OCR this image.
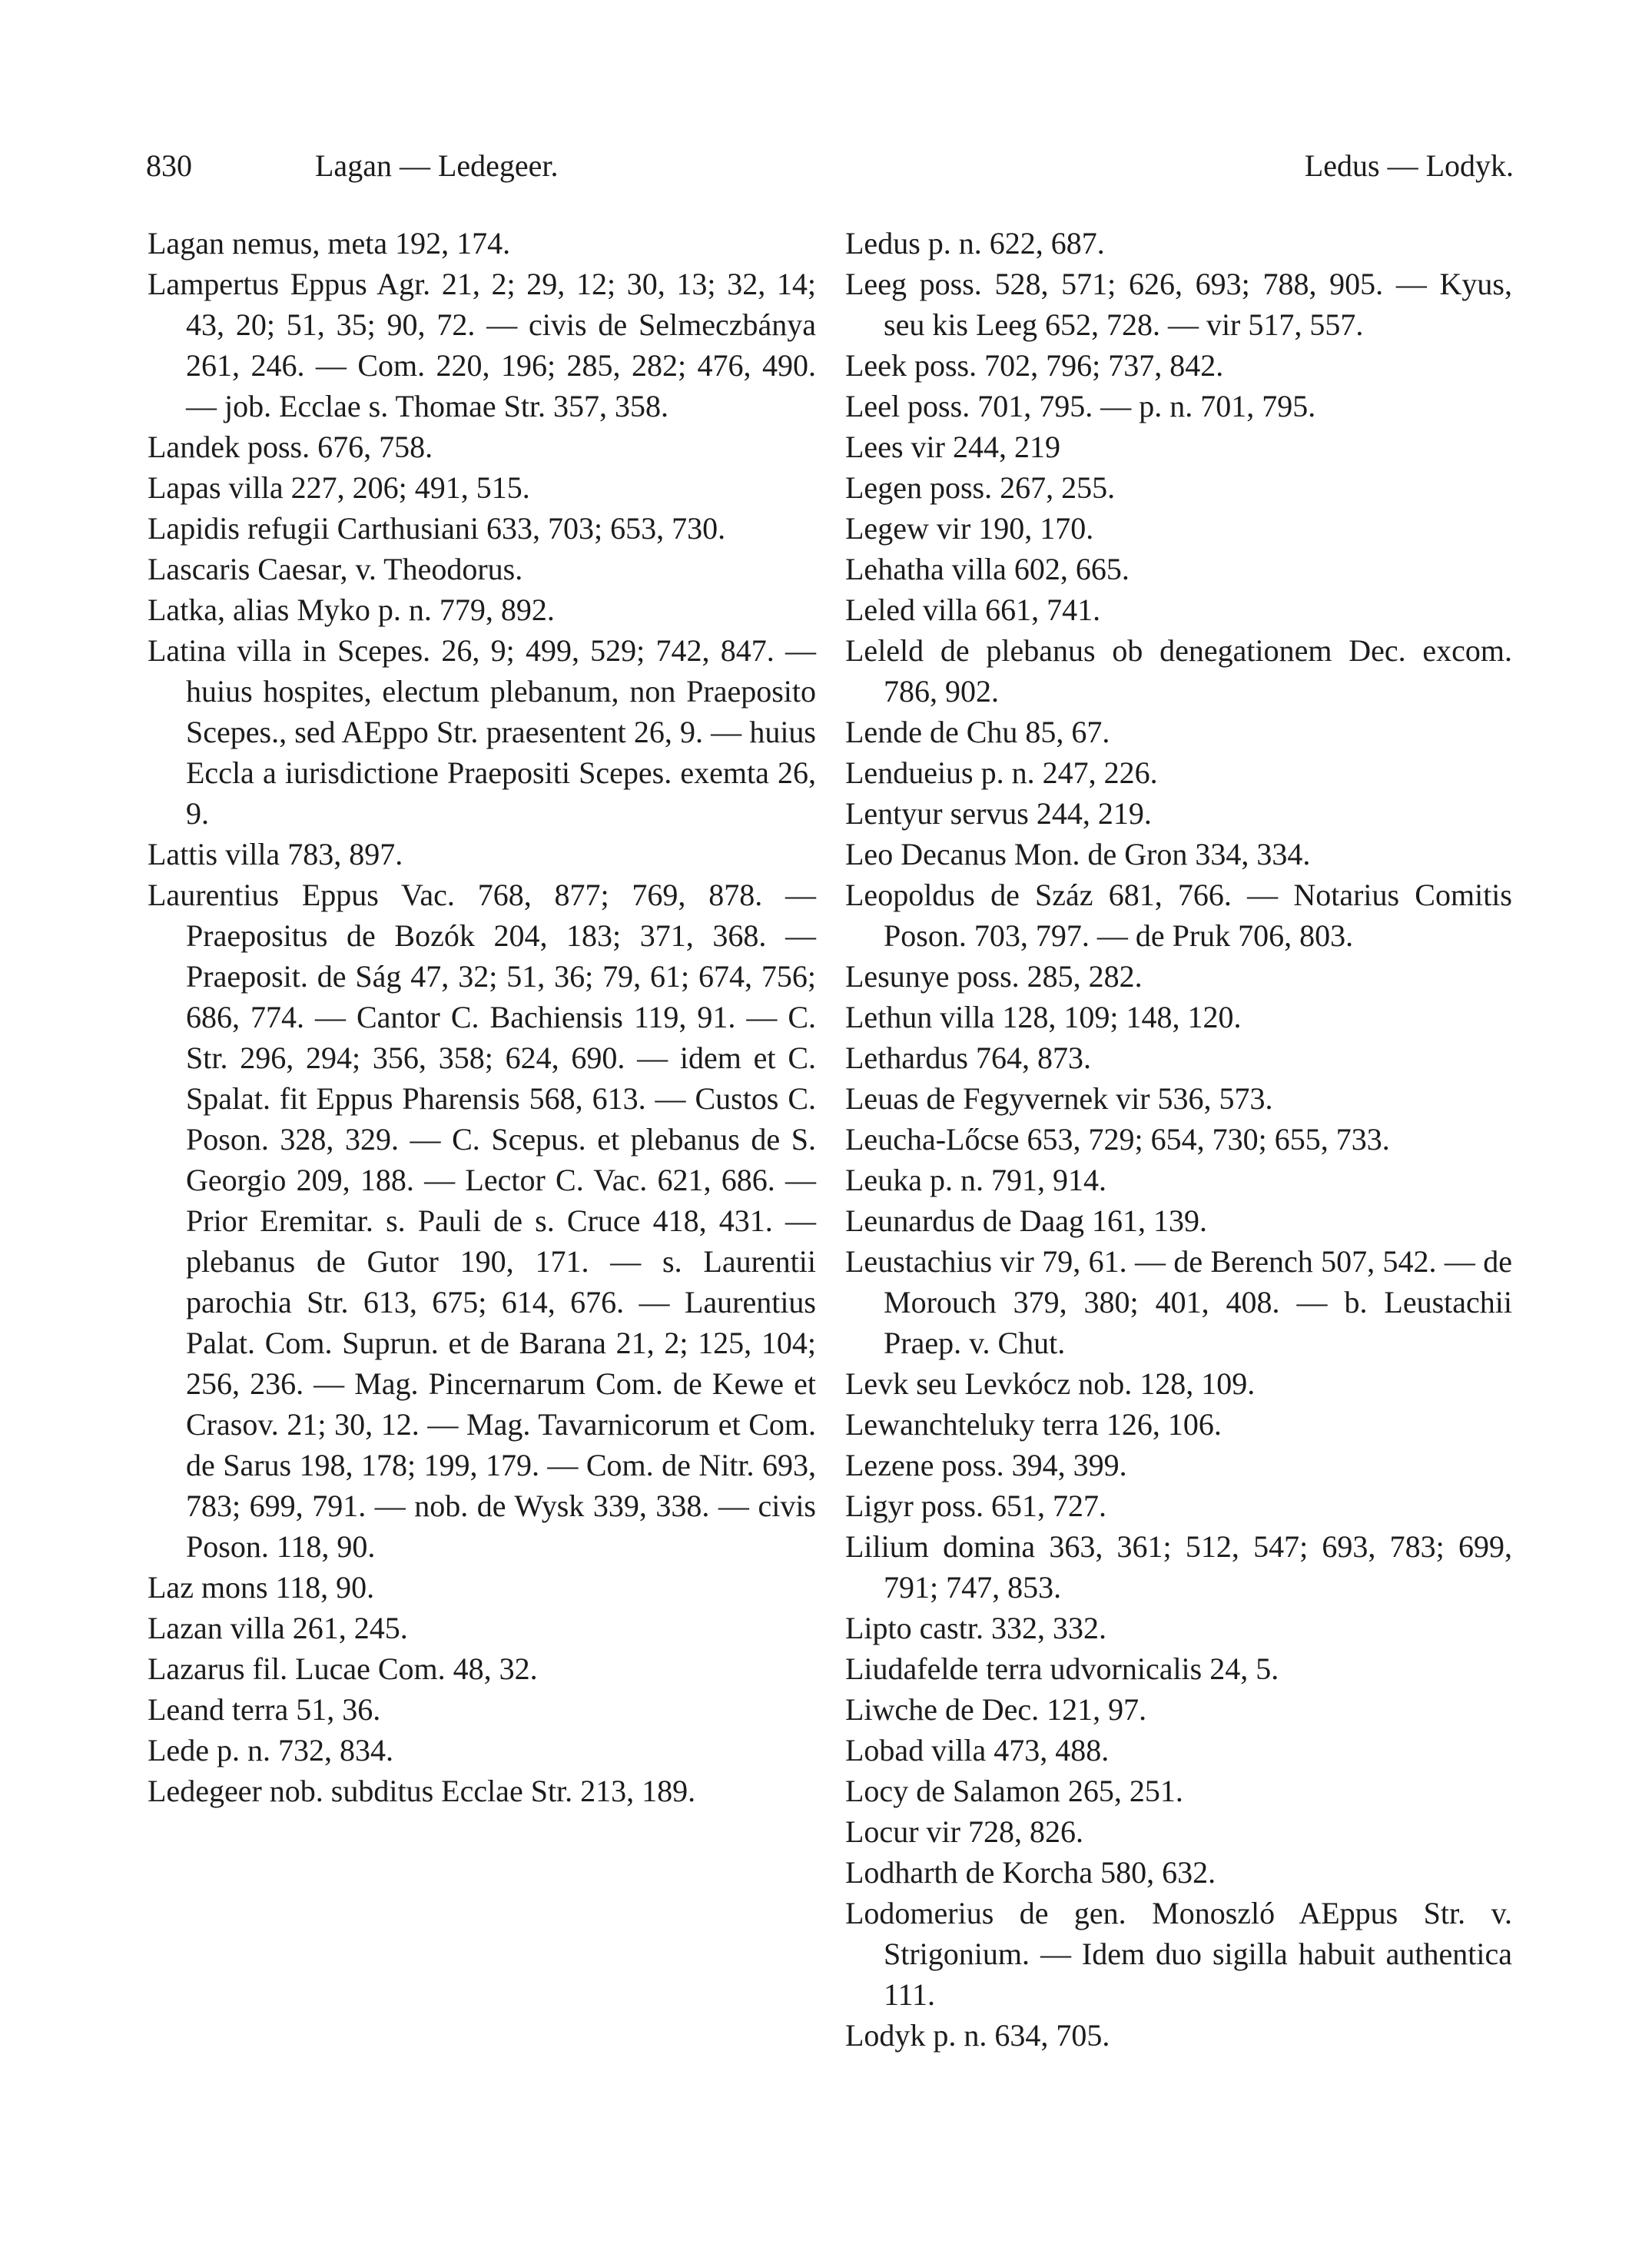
830	Lagan — Ledegeer.	Ledus — Lodyk.

Lagan nemus, meta 192, 174.

Lampertus Eppus Agr. 21, 2; 29, 12; 30, 13; 32, 14; 43, 20; 51, 35; 90, 72. — civis de Selmeczbánya 261, 246. — Com. 220, 196; 285, 282; 476, 490. — job. Ecclae s. Thomae Str. 357, 358.

Landek poss. 676, 758.

Lapas villa 227, 206; 491, 515.

Lapidis refugii Carthusiani 633, 703; 653, 730.

Lascaris Caesar, v. Theodorus.

Latka, alias Myko p. n. 779, 892.

Latina villa in Scepes. 26, 9; 499, 529; 742, 847. — huius hospites, electum plebanum, non Praeposito Scepes., sed AEppo Str. praesentent 26, 9. — huius Eccla a iurisdictione Praepositi Scepes. exemta 26, 9.

Lattis villa 783, 897.

Laurentius Eppus Vac. 768, 877; 769, 878. — Praepositus de Bozók 204, 183; 371, 368. — Praeposit. de Ság 47, 32; 51, 36; 79, 61; 674, 756; 686, 774. — Cantor C. Bachiensis 119, 91. — C. Str. 296, 294; 356, 358; 624, 690. — idem et C. Spalat. fit Eppus Pharensis 568, 613. — Custos C. Poson. 328, 329. — C. Scepus. et plebanus de S. Georgio 209, 188. — Lector C. Vac. 621, 686. — Prior Eremitar. s. Pauli de s. Cruce 418, 431. — plebanus de Gutor 190, 171. — s. Laurentii parochia Str. 613, 675; 614, 676. — Laurentius Palat. Com. Suprun. et de Barana 21, 2; 125, 104; 256, 236. — Mag. Pincernarum Com. de Kewe et Crasov. 21; 30, 12. — Mag. Tavarnicorum et Com. de Sarus 198, 178; 199, 179. — Com. de Nitr. 693, 783; 699, 791. — nob. de Wysk 339, 338. — civis Poson. 118, 90.

Laz mons 118, 90.

Lazan villa 261, 245.

Lazarus fil. Lucae Com. 48, 32.

Leand terra 51, 36.

Lede p. n. 732, 834.

Ledegeer nob. subditus Ecclae Str. 213, 189.

Ledus p. n. 622, 687.

Leeg poss. 528, 571; 626, 693; 788, 905. — Kyus, seu kis Leeg 652, 728. — vir 517, 557.

Leek poss. 702, 796; 737, 842.

Leel poss. 701, 795. — p. n. 701, 795.

Lees vir 244, 219

Legen poss. 267, 255.

Legew vir 190, 170.

Lehatha villa 602, 665.

Leled villa 661, 741.

Leleld de plebanus ob denegationem Dec. excom. 786, 902.

Lende de Chu 85, 67.

Lendueius p. n. 247, 226.

Lentyur servus 244, 219.

Leo Decanus Mon. de Gron 334, 334.

Leopoldus de Száz 681, 766. — Notarius Comitis Poson. 703, 797. — de Pruk 706, 803.

Lesunye poss. 285, 282.

Lethun villa 128, 109; 148, 120.

Lethardus 764, 873.

Leuas de Fegyvernek vir 536, 573.

Leucha-Lőcse 653, 729; 654, 730; 655, 733.

Leuka p. n. 791, 914.

Leunardus de Daag 161, 139.

Leustachius vir 79, 61. — de Berench 507, 542. — de Morouch 379, 380; 401, 408. — b. Leustachii Praep. v. Chut.

Levk seu Levkócz nob. 128, 109.

Lewanchteluky terra 126, 106.

Lezene poss. 394, 399.

Ligyr poss. 651, 727.

Lilium domina 363, 361; 512, 547; 693, 783; 699, 791; 747, 853.

Lipto castr. 332, 332.

Liudafelde terra udvornicalis 24, 5.

Liwche de Dec. 121, 97.

Lobad villa 473, 488.

Locy de Salamon 265, 251.

Locur vir 728, 826.

Lodharth de Korcha 580, 632.

Lodomerius de gen. Monoszló AEppus Str. v. Strigonium. — Idem duo sigilla habuit authentica 111.

Lodyk p. n. 634, 705.
